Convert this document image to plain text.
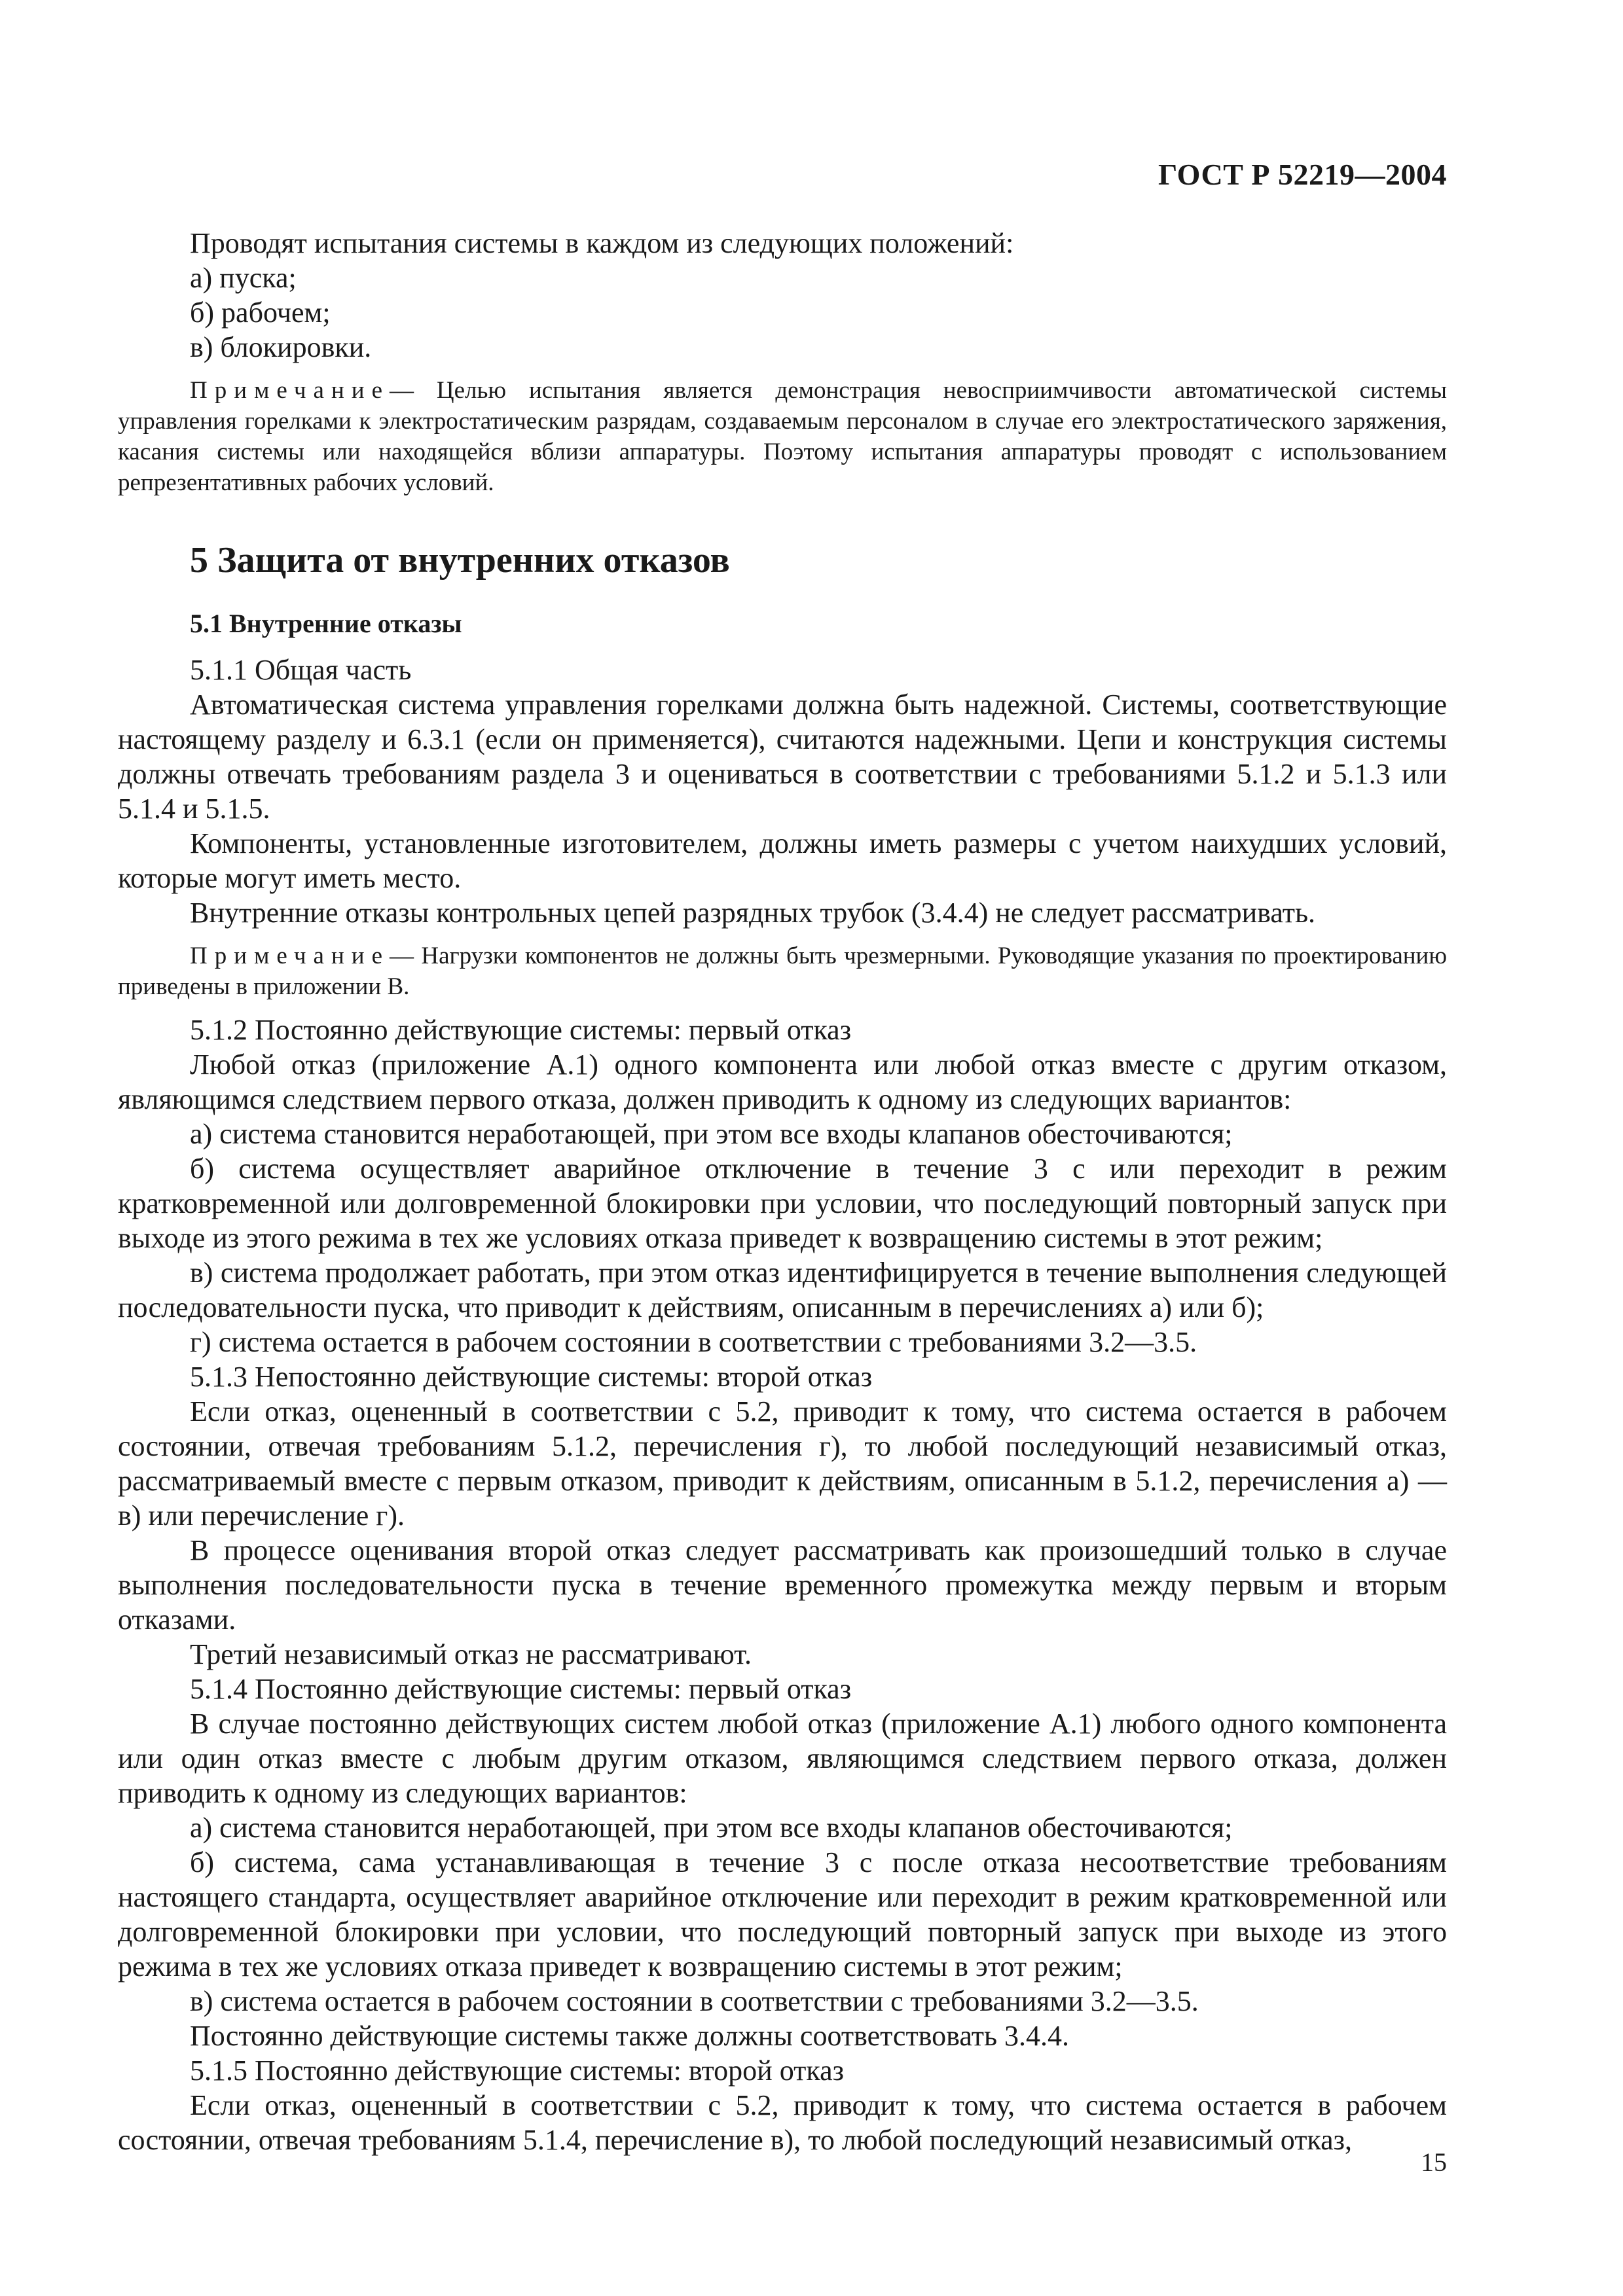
ГОСТ Р 52219—2004

Проводят испытания системы в каждом из следующих положений:

а) пуска;

б) рабочем;

в) блокировки.

Примечание— Целью испытания является демонстрация невосприимчивости автоматической системы управления горелками к электростатическим разрядам, создаваемым персоналом в случае его электростатического заряжения, касания системы или находящейся вблизи аппаратуры. Поэтому испытания аппаратуры проводят с использованием репрезентативных рабочих условий.

5 Защита от внутренних отказов
5.1 Внутренние отказы

5.1.1 Общая часть

Автоматическая система управления горелками должна быть надежной. Системы, соответствующие настоящему разделу и 6.3.1 (если он применяется), считаются надежными. Цепи и конструкция системы должны отвечать требованиям раздела 3 и оцениваться в соответствии с требованиями 5.1.2 и 5.1.3 или 5.1.4 и 5.1.5.

Компоненты, установленные изготовителем, должны иметь размеры с учетом наихудших условий, которые могут иметь место.

Внутренние отказы контрольных цепей разрядных трубок (3.4.4) не следует рассматривать.

Примечание— Нагрузки компонентов не должны быть чрезмерными. Руководящие указания по проектированию приведены в приложении В.

5.1.2 Постоянно действующие системы: первый отказ

Любой отказ (приложение А.1) одного компонента или любой отказ вместе с другим отказом, являющимся следствием первого отказа, должен приводить к одному из следующих вариантов:

а) система становится неработающей, при этом все входы клапанов обесточиваются;

б) система осуществляет аварийное отключение в течение 3 с или переходит в режим кратковременной или долговременной блокировки при условии, что последующий повторный запуск при выходе из этого режима в тех же условиях отказа приведет к возвращению системы в этот режим;

в) система продолжает работать, при этом отказ идентифицируется в течение выполнения следующей последовательности пуска, что приводит к действиям, описанным в перечислениях а) или б);

г) система остается в рабочем состоянии в соответствии с требованиями 3.2—3.5.

5.1.3 Непостоянно действующие системы: второй отказ

Если отказ, оцененный в соответствии с 5.2, приводит к тому, что система остается в рабочем состоянии, отвечая требованиям 5.1.2, перечисления г), то любой последующий независимый отказ, рассматриваемый вместе с первым отказом, приводит к действиям, описанным в 5.1.2, перечисления а) — в) или перечисление г).

В процессе оценивания второй отказ следует рассматривать как произошедший только в случае выполнения последовательности пуска в течение временно́го промежутка между первым и вторым отказами.

Третий независимый отказ не рассматривают.

5.1.4 Постоянно действующие системы: первый отказ

В случае постоянно действующих систем любой отказ (приложение А.1) любого одного компонента или один отказ вместе с любым другим отказом, являющимся следствием первого отказа, должен приводить к одному из следующих вариантов:

а) система становится неработающей, при этом все входы клапанов обесточиваются;

б) система, сама устанавливающая в течение 3 с после отказа несоответствие требованиям настоящего стандарта, осуществляет аварийное отключение или переходит в режим кратковременной или долговременной блокировки при условии, что последующий повторный запуск при выходе из этого режима в тех же условиях отказа приведет к возвращению системы в этот режим;

в) система остается в рабочем состоянии в соответствии с требованиями 3.2—3.5.

Постоянно действующие системы также должны соответствовать 3.4.4.

5.1.5 Постоянно действующие системы: второй отказ

Если отказ, оцененный в соответствии с 5.2, приводит к тому, что система остается в рабочем состоянии, отвечая требованиям 5.1.4, перечисление в), то любой последующий независимый отказ,

15
